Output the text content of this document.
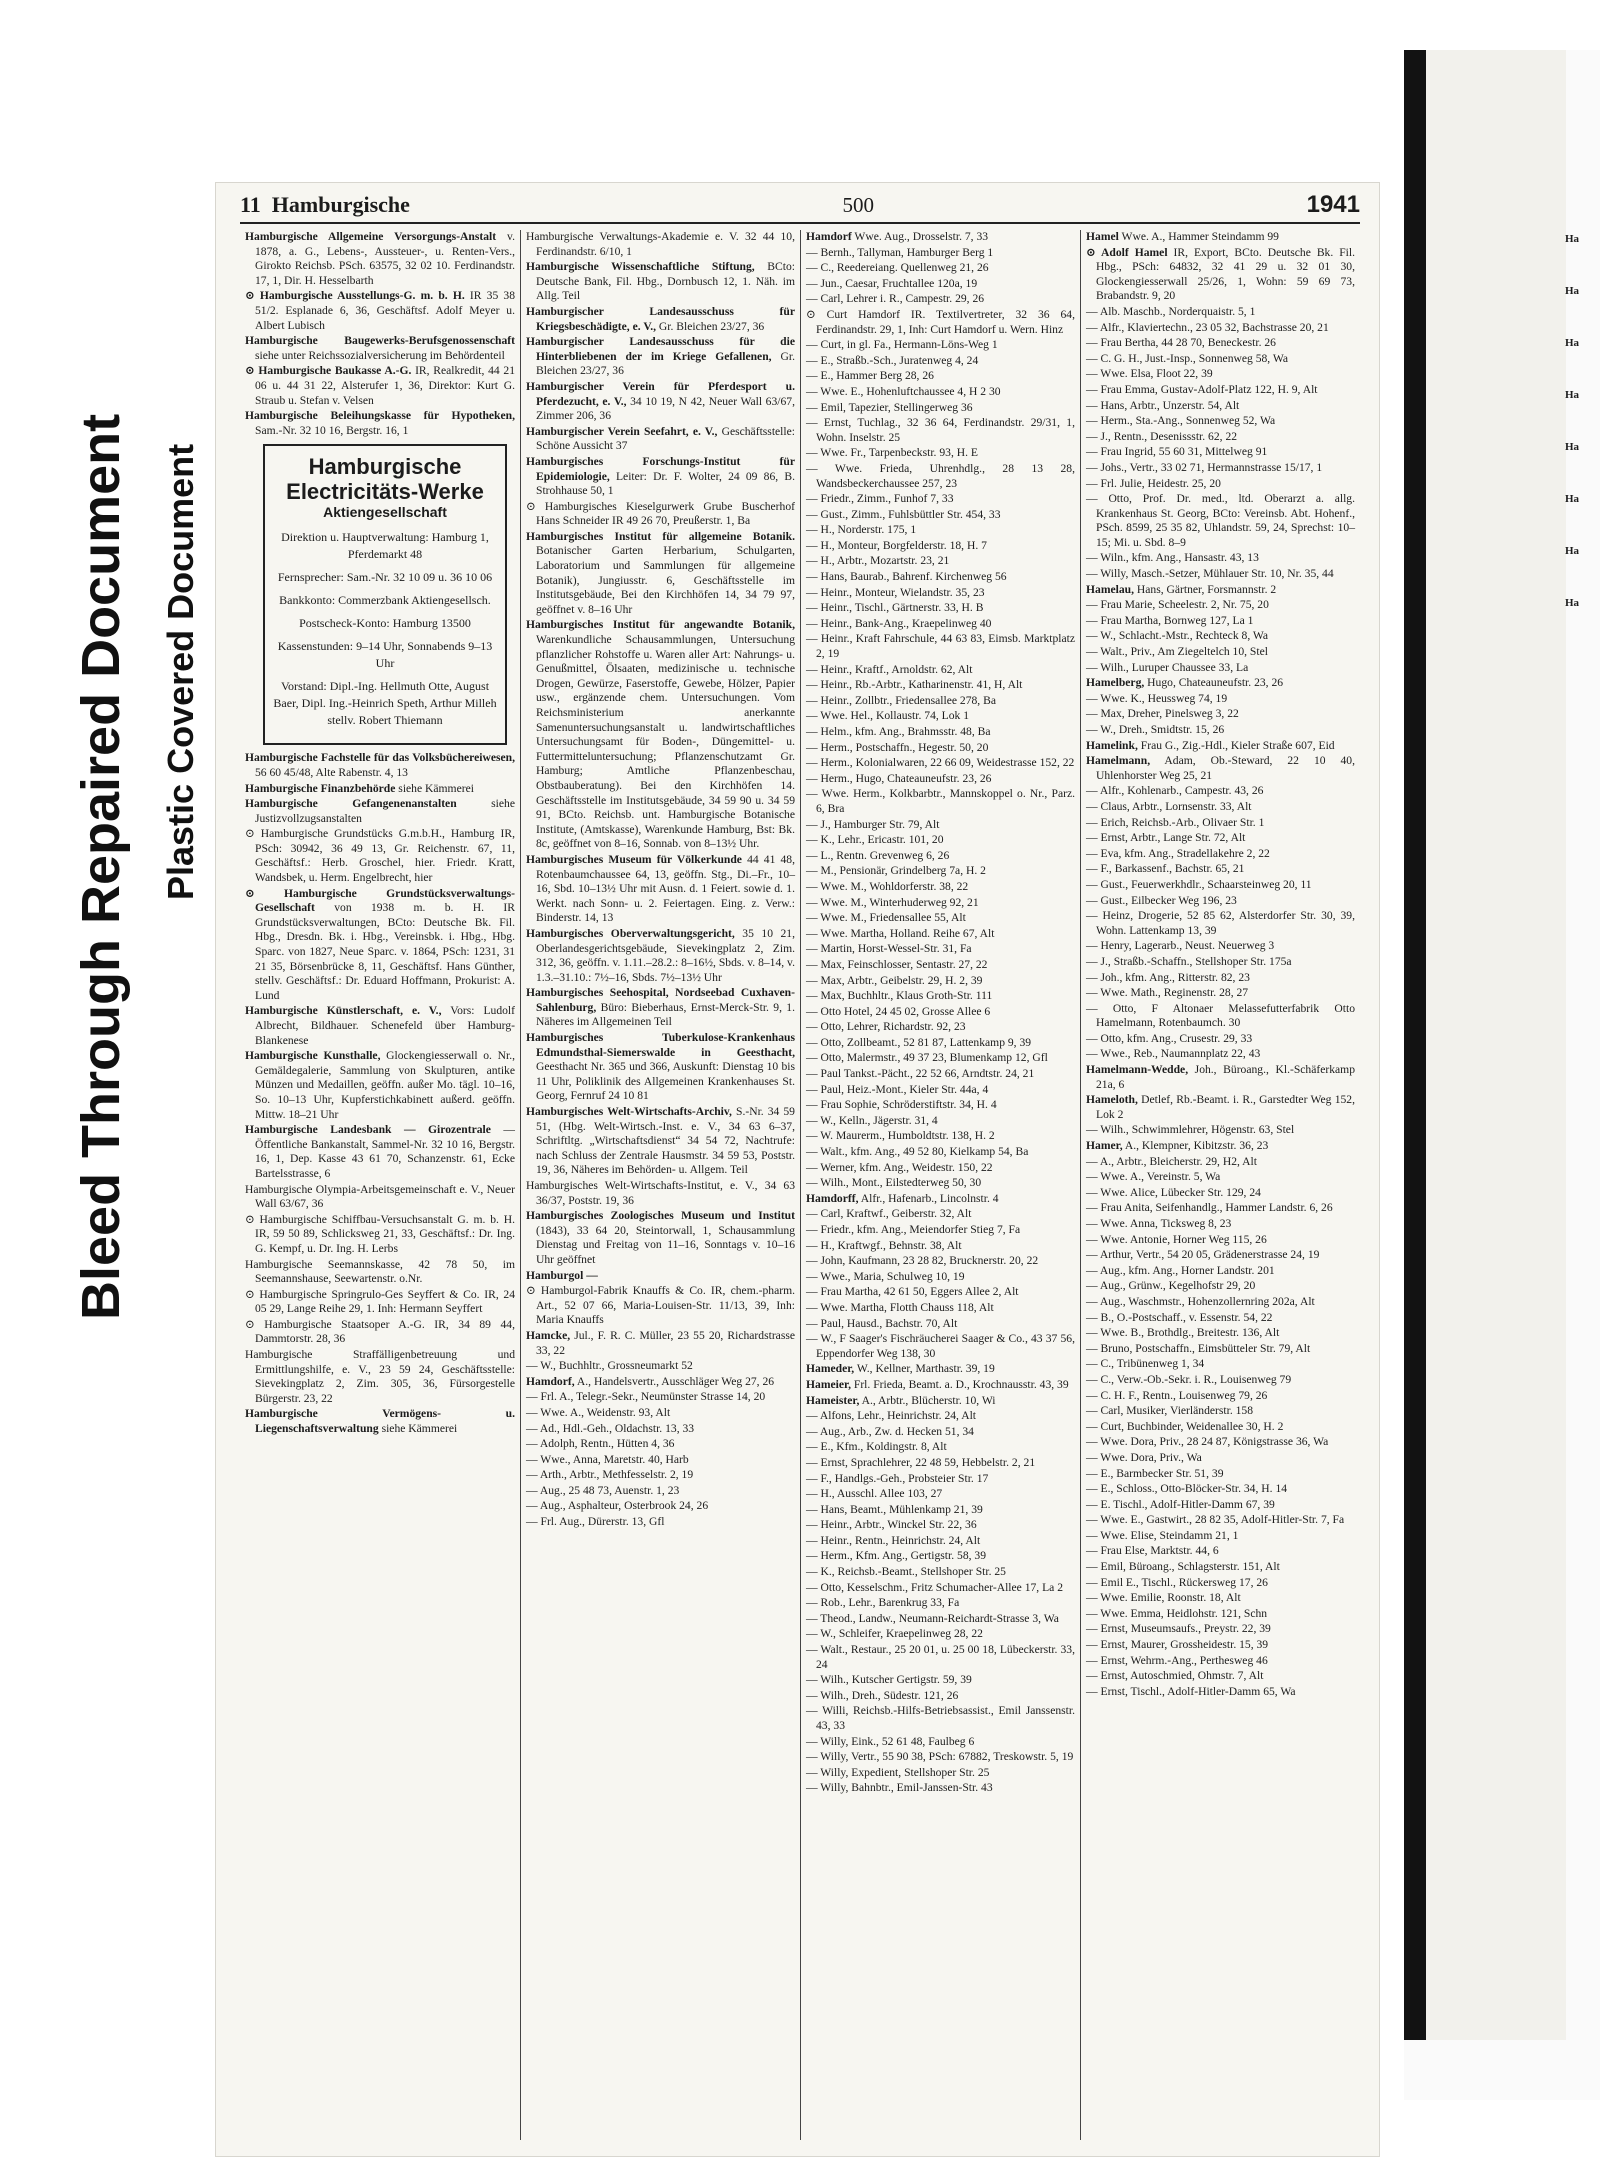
Bleed Through Repaired Document Plastic Covered Document
11 Hamburgische	500	1941
Hamburgische Allgemeine Versorgungs-Anstalt v. 1878, a. G., Lebens-, Aussteuer-, u. Renten-Vers., Girokto Reichsb. PSch. 63575, 32 02 10. Ferdinandstr. 17, 1, Dir. H. Hesselbarth
⊙ Hamburgische Ausstellungs-G. m. b. H. IR 35 38 51/2. Esplanade 6, 36, Geschäftsf. Adolf Meyer u. Albert Lubisch
Hamburgische Baugewerks-Berufsgenossenschaft siehe unter Reichssozialversicherung im Behördenteil
⊙ Hamburgische Baukasse A.-G. IR, Realkredit, 44 21 06 u. 44 31 22, Alsterufer 1, 36, Direktor: Kurt G. Straub u. Stefan v. Velsen
Hamburgische Beleihungskasse für Hypotheken, Sam.-Nr. 32 10 16, Bergstr. 16, 1
Hamburgische Electricitäts-Werke
Aktiengesellschaft

Direktion u. Hauptverwaltung: Hamburg 1, Pferdemarkt 48

Fernsprecher: Sam.-Nr. 32 10 09 u. 36 10 06

Bankkonto: Commerzbank Aktiengesellsch.

Postscheck-Konto: Hamburg 13500

Kassenstunden: 9–14 Uhr, Sonnabends 9–13 Uhr

Vorstand: Dipl.-Ing. Hellmuth Otte, August Baer, Dipl. Ing.-Heinrich Speth, Arthur Milleh stellv. Robert Thiemann

Hamburgische Fachstelle für das Volksbüchereiwesen, 56 60 45/48, Alte Rabenstr. 4, 13
Hamburgische Finanzbehörde siehe Kämmerei
Hamburgische Gefangenenanstalten siehe Justizvollzugsanstalten
⊙ Hamburgische Grundstücks G.m.b.H., Hamburg IR, PSch: 30942, 36 49 13, Gr. Reichenstr. 67, 11, Geschäftsf.: Herb. Groschel, hier. Friedr. Kratt, Wandsbek, u. Herm. Engelbrecht, hier
⊙ Hamburgische Grundstücksverwaltungs-Gesellschaft von 1938 m. b. H. IR Grundstücksverwaltungen, BCto: Deutsche Bk. Fil. Hbg., Dresdn. Bk. i. Hbg., Vereinsbk. i. Hbg., Hbg. Sparc. von 1827, Neue Sparc. v. 1864, PSch: 1231, 31 21 35, Börsenbrücke 8, 11, Geschäftsf. Hans Günther, stellv. Geschäftsf.: Dr. Eduard Hoffmann, Prokurist: A. Lund
Hamburgische Künstlerschaft, e. V., Vors: Ludolf Albrecht, Bildhauer. Schenefeld über Hamburg-Blankenese
Hamburgische Kunsthalle, Glockengiesserwall o. Nr., Gemäldegalerie, Sammlung von Skulpturen, antike Münzen und Medaillen, geöffn. außer Mo. tägl. 10–16, So. 10–13 Uhr, Kupferstichkabinett außerd. geöffn. Mittw. 18–21 Uhr
Hamburgische Landesbank — Girozentrale — Öffentliche Bankanstalt, Sammel-Nr. 32 10 16, Bergstr. 16, 1, Dep. Kasse 43 61 70, Schanzenstr. 61, Ecke Bartelsstrasse, 6
Hamburgische Olympia-Arbeitsgemeinschaft e. V., Neuer Wall 63/67, 36
⊙ Hamburgische Schiffbau-Versuchsanstalt G. m. b. H. IR, 59 50 89, Schlicksweg 21, 33, Geschäftsf.: Dr. Ing. G. Kempf, u. Dr. Ing. H. Lerbs
Hamburgische Seemannskasse, 42 78 50, im Seemannshause, Seewartenstr. o.Nr.
⊙ Hamburgische Springrulo-Ges Seyffert & Co. IR, 24 05 29, Lange Reihe 29, 1. Inh: Hermann Seyffert
⊙ Hamburgische Staatsoper A.-G. IR, 34 89 44, Dammtorstr. 28, 36
Hamburgische Straffälligenbetreuung und Ermittlungshilfe, e. V., 23 59 24, Geschäftsstelle: Sievekingplatz 2, Zim. 305, 36, Fürsorgestelle Bürgerstr. 23, 22
Hamburgische Vermögens- u. Liegenschaftsverwaltung siehe Kämmerei
Hamburgische Verwaltungs-Akademie e. V. 32 44 10, Ferdinandstr. 6/10, 1
Hamburgische Wissenschaftliche Stiftung, BCto: Deutsche Bank, Fil. Hbg., Dornbusch 12, 1. Näh. im Allg. Teil
Hamburgischer Landesausschuss für Kriegsbeschädigte, e. V., Gr. Bleichen 23/27, 36
Hamburgischer Landesausschuss für die Hinterbliebenen der im Kriege Gefallenen, Gr. Bleichen 23/27, 36
Hamburgischer Verein für Pferdesport u. Pferdezucht, e. V., 34 10 19, N 42, Neuer Wall 63/67, Zimmer 206, 36
Hamburgischer Verein Seefahrt, e. V., Geschäftsstelle: Schöne Aussicht 37
Hamburgisches Forschungs-Institut für Epidemiologie, Leiter: Dr. F. Wolter, 24 09 86, B. Strohhause 50, 1
⊙ Hamburgisches Kieselgurwerk Grube Buscherhof Hans Schneider IR 49 26 70, Preußerstr. 1, Ba
Hamburgisches Institut für allgemeine Botanik. Botanischer Garten Herbarium, Schulgarten, Laboratorium und Sammlungen für allgemeine Botanik), Jungiusstr. 6, Geschäftsstelle im Institutsgebäude, Bei den Kirchhöfen 14, 34 79 97, geöffnet v. 8–16 Uhr
Hamburgisches Institut für angewandte Botanik, Warenkundliche Schausammlungen, Untersuchung pflanzlicher Rohstoffe u. Waren aller Art: Nahrungs- u. Genußmittel, Ölsaaten, medizinische u. technische Drogen, Gewürze, Faserstoffe, Gewebe, Hölzer, Papier usw., ergänzende chem. Untersuchungen. Vom Reichsministerium anerkannte Samenuntersuchungsanstalt u. landwirtschaftliches Untersuchungsamt für Boden-, Düngemittel- u. Futtermitteluntersuchung; Pflanzenschutzamt Gr. Hamburg; Amtliche Pflanzenbeschau, Obstbauberatung). Bei den Kirchhöfen 14. Geschäftsstelle im Institutsgebäude, 34 59 90 u. 34 59 91, BCto. Reichsb. unt. Hamburgische Botanische Institute, (Amtskasse), Warenkunde Hamburg, Bst: Bk. 8c, geöffnet von 8–16, Sonnab. von 8–13½ Uhr.
Hamburgisches Museum für Völkerkunde 44 41 48, Rotenbaumchaussee 64, 13, geöffn. Stg., Di.–Fr., 10–16, Sbd. 10–13½ Uhr mit Ausn. d. 1 Feiert. sowie d. 1. Werkt. nach Sonn- u. 2. Feiertagen. Eing. z. Verw.: Binderstr. 14, 13
Hamburgisches Oberverwaltungsgericht, 35 10 21, Oberlandesgerichtsgebäude, Sievekingplatz 2, Zim. 312, 36, geöffn. v. 1.11.–28.2.: 8–16½, Sbds. v. 8–14, v. 1.3.–31.10.: 7½–16, Sbds. 7½–13½ Uhr
Hamburgisches Seehospital, Nordseebad Cuxhaven-Sahlenburg, Büro: Bieberhaus, Ernst-Merck-Str. 9, 1. Näheres im Allgemeinen Teil
Hamburgisches Tuberkulose-Krankenhaus Edmundsthal-Siemerswalde in Geesthacht, Geesthacht Nr. 365 und 366, Auskunft: Dienstag 10 bis 11 Uhr, Poliklinik des Allgemeinen Krankenhauses St. Georg, Fernruf 24 10 81
Hamburgisches Welt-Wirtschafts-Archiv, S.-Nr. 34 59 51, (Hbg. Welt-Wirtsch.-Inst. e. V., 34 63 6–37, Schriftltg. „Wirtschaftsdienst“ 34 54 72, Nachtrufe: nach Schluss der Zentrale Hausmstr. 34 59 53, Poststr. 19, 36, Näheres im Behörden- u. Allgem. Teil
Hamburgisches Welt-Wirtschafts-Institut, e. V., 34 63 36/37, Poststr. 19, 36
Hamburgisches Zoologisches Museum und Institut (1843), 33 64 20, Steintorwall, 1, Schausammlung Dienstag und Freitag von 11–16, Sonntags v. 10–16 Uhr geöffnet
Hamburgol —
⊙ Hamburgol-Fabrik Knauffs & Co. IR, chem.-pharm. Art., 52 07 66, Maria-Louisen-Str. 11/13, 39, Inh: Maria Knauffs
Hamcke, Jul., F. R. C. Müller, 23 55 20, Richardstrasse 33, 22
— W., Buchhltr., Grossneumarkt 52
Hamdorf, A., Handelsvertr., Ausschläger Weg 27, 26
— Frl. A., Telegr.-Sekr., Neumünster Strasse 14, 20
— Wwe. A., Weidenstr. 93, Alt
— Ad., Hdl.-Geh., Oldachstr. 13, 33
— Adolph, Rentn., Hütten 4, 36
— Wwe., Anna, Maretstr. 40, Harb
— Arth., Arbtr., Methfesselstr. 2, 19
— Aug., 25 48 73, Auenstr. 1, 23
— Aug., Asphalteur, Osterbrook 24, 26
— Frl. Aug., Dürerstr. 13, Gfl
Hamdorf Wwe. Aug., Drosselstr. 7, 33
— Bernh., Tallyman, Hamburger Berg 1
— C., Reedereiang. Quellenweg 21, 26
— Jun., Caesar, Fruchtallee 120a, 19
— Carl, Lehrer i. R., Campestr. 29, 26
⊙ Curt Hamdorf IR. Textilvertreter, 32 36 64, Ferdinandstr. 29, 1, Inh: Curt Hamdorf u. Wern. Hinz
— Curt, in gl. Fa., Hermann-Löns-Weg 1
— E., Straßb.-Sch., Juratenweg 4, 24
— E., Hammer Berg 28, 26
— Wwe. E., Hohenluftchaussee 4, H 2 30
— Emil, Tapezier, Stellingerweg 36
— Ernst, Tuchlag., 32 36 64, Ferdinandstr. 29/31, 1, Wohn. Inselstr. 25
— Wwe. Fr., Tarpenbeckstr. 93, H. E
— Wwe. Frieda, Uhrenhdlg., 28 13 28, Wandsbeckerchaussee 257, 23
— Friedr., Zimm., Funhof 7, 33
— Gust., Zimm., Fuhlsbüttler Str. 454, 33
— H., Norderstr. 175, 1
— H., Monteur, Borgfelderstr. 18, H. 7
— H., Arbtr., Mozartstr. 23, 21
— Hans, Baurab., Bahrenf. Kirchenweg 56
— Heinr., Monteur, Wielandstr. 35, 23
— Heinr., Tischl., Gärtnerstr. 33, H. B
— Heinr., Bank-Ang., Kraepelinweg 40
— Heinr., Kraft Fahrschule, 44 63 83, Eimsb. Marktplatz 2, 19
— Heinr., Kraftf., Arnoldstr. 62, Alt
— Heinr., Rb.-Arbtr., Katharinenstr. 41, H, Alt
— Heinr., Zollbtr., Friedensallee 278, Ba
— Wwe. Hel., Kollaustr. 74, Lok 1
— Helm., kfm. Ang., Brahmsstr. 48, Ba
— Herm., Postschaffn., Hegestr. 50, 20
— Herm., Kolonialwaren, 22 66 09, Weidestrasse 152, 22
— Herm., Hugo, Chateauneufstr. 23, 26
— Wwe. Herm., Kolkbarbtr., Mannskoppel o. Nr., Parz. 6, Bra
— J., Hamburger Str. 79, Alt
— K., Lehr., Ericastr. 101, 20
— L., Rentn. Grevenweg 6, 26
— M., Pensionär, Grindelberg 7a, H. 2
— Wwe. M., Wohldorferstr. 38, 22
— Wwe. M., Winterhuderweg 92, 21
— Wwe. M., Friedensallee 55, Alt
— Wwe. Martha, Holland. Reihe 67, Alt
— Martin, Horst-Wessel-Str. 31, Fa
— Max, Feinschlosser, Sentastr. 27, 22
— Max, Arbtr., Geibelstr. 29, H. 2, 39
— Max, Buchhltr., Klaus Groth-Str. 111
— Otto Hotel, 24 45 02, Grosse Allee 6
— Otto, Lehrer, Richardstr. 92, 23
— Otto, Zollbeamt., 52 81 87, Lattenkamp 9, 39
— Otto, Malermstr., 49 37 23, Blumenkamp 12, Gfl
— Paul Tankst.-Pächt., 22 52 66, Arndtstr. 24, 21
— Paul, Heiz.-Mont., Kieler Str. 44a, 4
— Frau Sophie, Schröderstiftstr. 34, H. 4
— W., Kelln., Jägerstr. 31, 4
— W. Maurerm., Humboldtstr. 138, H. 2
— Walt., kfm. Ang., 49 52 80, Kielkamp 54, Ba
— Werner, kfm. Ang., Weidestr. 150, 22
— Wilh., Mont., Eilstedterweg 50, 30
Hamdorff, Alfr., Hafenarb., Lincolnstr. 4
— Carl, Kraftwf., Geiberstr. 32, Alt
— Friedr., kfm. Ang., Meiendorfer Stieg 7, Fa
— H., Kraftwgf., Behnstr. 38, Alt
— John, Kaufmann, 23 28 82, Brucknerstr. 20, 22
— Wwe., Maria, Schulweg 10, 19
— Frau Martha, 42 61 50, Eggers Allee 2, Alt
— Wwe. Martha, Flotth Chauss 118, Alt
— Paul, Hausd., Bachstr. 70, Alt
— W., F Saager's Fischräucherei Saager & Co., 43 37 56, Eppendorfer Weg 138, 30
Hameder, W., Kellner, Marthastr. 39, 19
Hameier, Frl. Frieda, Beamt. a. D., Krochnausstr. 43, 39
Hameister, A., Arbtr., Blücherstr. 10, Wi
— Alfons, Lehr., Heinrichstr. 24, Alt
— Aug., Arb., Zw. d. Hecken 51, 34
— E., Kfm., Koldingstr. 8, Alt
— Ernst, Sprachlehrer, 22 48 59, Hebbelstr. 2, 21
— F., Handlgs.-Geh., Probsteier Str. 17
— H., Ausschl. Allee 103, 27
— Hans, Beamt., Mühlenkamp 21, 39
— Heinr., Arbtr., Winckel Str. 22, 36
— Heinr., Rentn., Heinrichstr. 24, Alt
— Herm., Kfm. Ang., Gertigstr. 58, 39
— K., Reichsb.-Beamt., Stellshoper Str. 25
— Otto, Kesselschm., Fritz Schumacher-Allee 17, La 2
— Rob., Lehr., Barenkrug 33, Fa
— Theod., Landw., Neumann-Reichardt-Strasse 3, Wa
— W., Schleifer, Kraepelinweg 28, 22
— Walt., Restaur., 25 20 01, u. 25 00 18, Lübeckerstr. 33, 24
— Wilh., Kutscher Gertigstr. 59, 39
— Wilh., Dreh., Südestr. 121, 26
— Willi, Reichsb.-Hilfs-Betriebsassist., Emil Janssenstr. 43, 33
— Willy, Eink., 52 61 48, Faulbeg 6
— Willy, Vertr., 55 90 38, PSch: 67882, Treskowstr. 5, 19
— Willy, Expedient, Stellshoper Str. 25
— Willy, Bahnbtr., Emil-Janssen-Str. 43
Hamel Wwe. A., Hammer Steindamm 99
⊙ Adolf Hamel IR, Export, BCto. Deutsche Bk. Fil. Hbg., PSch: 64832, 32 41 29 u. 32 01 30, Glockengiesserwall 25/26, 1, Wohn: 59 69 73, Brabandstr. 9, 20
— Alb. Maschb., Norderquaistr. 5, 1
— Alfr., Klaviertechn., 23 05 32, Bachstrasse 20, 21
— Frau Bertha, 44 28 70, Beneckestr. 26
— C. G. H., Just.-Insp., Sonnenweg 58, Wa
— Wwe. Elsa, Floot 22, 39
— Frau Emma, Gustav-Adolf-Platz 122, H. 9, Alt
— Hans, Arbtr., Unzerstr. 54, Alt
— Herm., Sta.-Ang., Sonnenweg 52, Wa
— J., Rentn., Desenissstr. 62, 22
— Frau Ingrid, 55 60 31, Mittelweg 91
— Johs., Vertr., 33 02 71, Hermannstrasse 15/17, 1
— Frl. Julie, Heidestr. 25, 20
— Otto, Prof. Dr. med., ltd. Oberarzt a. allg. Krankenhaus St. Georg, BCto: Vereinsb. Abt. Hohenf., PSch. 8599, 25 35 82, Uhlandstr. 59, 24, Sprechst: 10–15; Mi. u. Sbd. 8–9
— Wiln., kfm. Ang., Hansastr. 43, 13
— Willy, Masch.-Setzer, Mühlauer Str. 10, Nr. 35, 44
Hamelau, Hans, Gärtner, Forsmannstr. 2
— Frau Marie, Scheelestr. 2, Nr. 75, 20
— Frau Martha, Bornweg 127, La 1
— W., Schlacht.-Mstr., Rechteck 8, Wa
— Walt., Priv., Am Ziegeltelch 10, Stel
— Wilh., Luruper Chaussee 33, La
Hamelberg, Hugo, Chateauneufstr. 23, 26
— Wwe. K., Heussweg 74, 19
— Max, Dreher, Pinelsweg 3, 22
— W., Dreh., Smidtstr. 15, 26
Hamelink, Frau G., Zig.-Hdl., Kieler Straße 607, Eid
Hamelmann, Adam, Ob.-Steward, 22 10 40, Uhlenhorster Weg 25, 21
— Alfr., Kohlenarb., Campestr. 43, 26
— Claus, Arbtr., Lornsenstr. 33, Alt
— Erich, Reichsb.-Arb., Olivaer Str. 1
— Ernst, Arbtr., Lange Str. 72, Alt
— Eva, kfm. Ang., Stradellakehre 2, 22
— F., Barkassenf., Bachstr. 65, 21
— Gust., Feuerwerkhdlr., Schaarsteinweg 20, 11
— Gust., Eilbecker Weg 196, 23
— Heinz, Drogerie, 52 85 62, Alsterdorfer Str. 30, 39, Wohn. Lattenkamp 13, 39
— Henry, Lagerarb., Neust. Neuerweg 3
— J., Straßb.-Schaffn., Stellshoper Str. 175a
— Joh., kfm. Ang., Ritterstr. 82, 23
— Wwe. Math., Reginenstr. 28, 27
— Otto, F Altonaer Melassefutterfabrik Otto Hamelmann, Rotenbaumch. 30
— Otto, kfm. Ang., Crusestr. 29, 33
— Wwe., Reb., Naumannplatz 22, 43
Hamelmann-Wedde, Joh., Büroang., Kl.-Schäferkamp 21a, 6
Hameloth, Detlef, Rb.-Beamt. i. R., Garstedter Weg 152, Lok 2
— Wilh., Schwimmlehrer, Högenstr. 63, Stel
Hamer, A., Klempner, Kibitzstr. 36, 23
— A., Arbtr., Bleicherstr. 29, H2, Alt
— Wwe. A., Vereinstr. 5, Wa
— Wwe. Alice, Lübecker Str. 129, 24
— Frau Anita, Seifenhandlg., Hammer Landstr. 6, 26
— Wwe. Anna, Ticksweg 8, 23
— Wwe. Antonie, Horner Weg 115, 26
— Arthur, Vertr., 54 20 05, Grädenerstrasse 24, 19
— Aug., kfm. Ang., Horner Landstr. 201
— Aug., Grünw., Kegelhofstr 29, 20
— Aug., Waschmstr., Hohenzollernring 202a, Alt
— B., O.-Postschaff., v. Essenstr. 54, 22
— Wwe. B., Brothdlg., Breitestr. 136, Alt
— Bruno, Postschaffn., Eimsbütteler Str. 79, Alt
— C., Tribünenweg 1, 34
— C., Verw.-Ob.-Sekr. i. R., Louisenweg 79
— C. H. F., Rentn., Louisenweg 79, 26
— Carl, Musiker, Vierländerstr. 158
— Curt, Buchbinder, Weidenallee 30, H. 2
— Wwe. Dora, Priv., 28 24 87, Königstrasse 36, Wa
— Wwe. Dora, Priv., Wa
— E., Barmbecker Str. 51, 39
— E., Schloss., Otto-Blöcker-Str. 34, H. 14
— E. Tischl., Adolf-Hitler-Damm 67, 39
— Wwe. E., Gastwirt., 28 82 35, Adolf-Hitler-Str. 7, Fa
— Wwe. Elise, Steindamm 21, 1
— Frau Else, Marktstr. 44, 6
— Emil, Büroang., Schlagsterstr. 151, Alt
— Emil E., Tischl., Rückersweg 17, 26
— Wwe. Emilie, Roonstr. 18, Alt
— Wwe. Emma, Heidlohstr. 121, Schn
— Ernst, Museumsaufs., Preystr. 22, 39
— Ernst, Maurer, Grossheidestr. 15, 39
— Ernst, Wehrm.-Ang., Perthesweg 46
— Ernst, Autoschmied, Ohmstr. 7, Alt
— Ernst, Tischl., Adolf-Hitler-Damm 65, Wa
Ha
Ha
Ha
Ha
Ha
Ha
Ha
Ha
